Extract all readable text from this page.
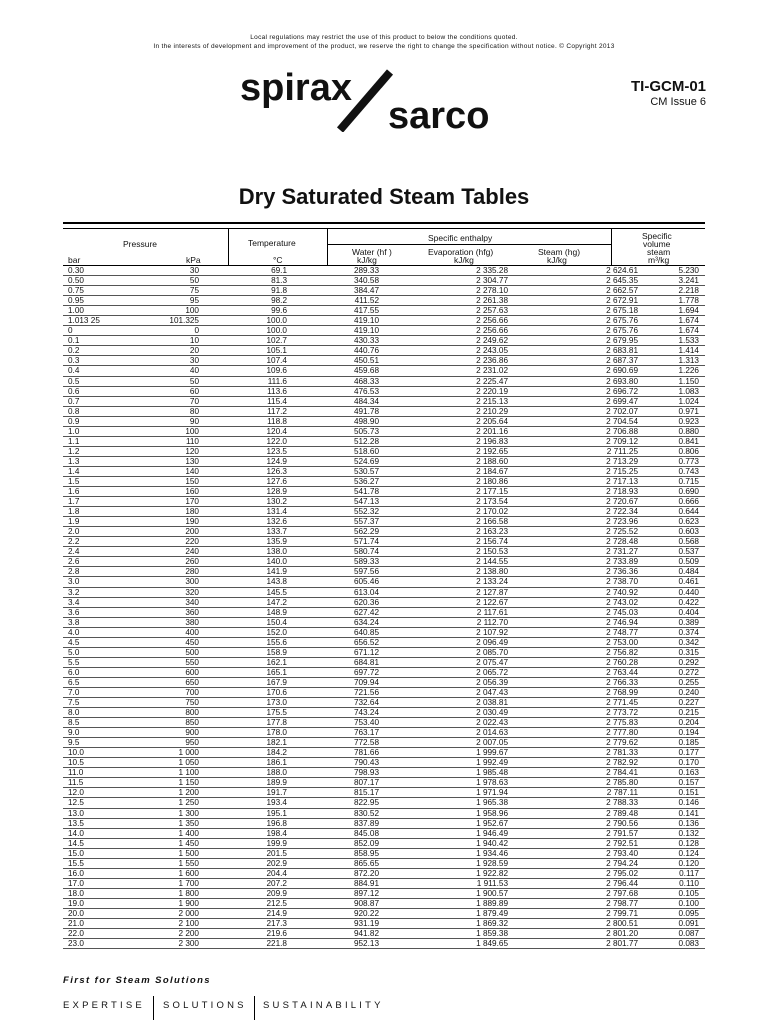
Local regulations may restrict the use of this product to below the conditions quoted.
In the interests of development and improvement of the product, we reserve the right to change the specification without notice. © Copyright 2013
spirax
sarco
TI-GCM-01
CM Issue 6
Dry Saturated Steam Tables
Pressure	Temperature	Specific enthalpy	Specific
volume
steam
Water (hf )	Evaporation (hfg)	Steam (hg)
bar	kPa	°C	kJ/kg	kJ/kg	kJ/kg	m³/kg
0.30	30	69.1	289.33	2 335.28	2 624.61	5.230
0.50	50	81.3	340.58	2 304.77	2 645.35	3.241
0.75	75	91.8	384.47	2 278.10	2 662.57	2.218
0.95	95	98.2	411.52	2 261.38	2 672.91	1.778
1.00	100	99.6	417.55	2 257.63	2 675.18	1.694
1.013 25	101.325	100.0	419.10	2 256.66	2 675.76	1.674
0	0	100.0	419.10	2 256.66	2 675.76	1.674
0.1	10	102.7	430.33	2 249.62	2 679.95	1.533
0.2	20	105.1	440.76	2 243.05	2 683.81	1.414
0.3	30	107.4	450.51	2 236.86	2 687.37	1.313
0.4	40	109.6	459.68	2 231.02	2 690.69	1.226
0.5	50	111.6	468.33	2 225.47	2 693.80	1.150
0.6	60	113.6	476.53	2 220.19	2 696.72	1.083
0.7	70	115.4	484.34	2 215.13	2 699.47	1.024
0.8	80	117.2	491.78	2 210.29	2 702.07	0.971
0.9	90	118.8	498.90	2 205.64	2 704.54	0.923
1.0	100	120.4	505.73	2 201.16	2 706.88	0.880
1.1	110	122.0	512.28	2 196.83	2 709.12	0.841
1.2	120	123.5	518.60	2 192.65	2 711.25	0.806
1.3	130	124.9	524.69	2 188.60	2 713.29	0.773
1.4	140	126.3	530.57	2 184.67	2 715.25	0.743
1.5	150	127.6	536.27	2 180.86	2 717.13	0.715
1.6	160	128.9	541.78	2 177.15	2 718.93	0.690
1.7	170	130.2	547.13	2 173.54	2 720.67	0.666
1.8	180	131.4	552.32	2 170.02	2 722.34	0.644
1.9	190	132.6	557.37	2 166.58	2 723.96	0.623
2.0	200	133.7	562.29	2 163.23	2 725.52	0.603
2.2	220	135.9	571.74	2 156.74	2 728.48	0.568
2.4	240	138.0	580.74	2 150.53	2 731.27	0.537
2.6	260	140.0	589.33	2 144.55	2 733.89	0.509
2.8	280	141.9	597.56	2 138.80	2 736.36	0.484
3.0	300	143.8	605.46	2 133.24	2 738.70	0.461
3.2	320	145.5	613.04	2 127.87	2 740.92	0.440
3.4	340	147.2	620.36	2 122.67	2 743.02	0.422
3.6	360	148.9	627.42	2 117.61	2 745.03	0.404
3.8	380	150.4	634.24	2 112.70	2 746.94	0.389
4.0	400	152.0	640.85	2 107.92	2 748.77	0.374
4.5	450	155.6	656.52	2 096.49	2 753.00	0.342
5.0	500	158.9	671.12	2 085.70	2 756.82	0.315
5.5	550	162.1	684.81	2 075.47	2 760.28	0.292
6.0	600	165.1	697.72	2 065.72	2 763.44	0.272
6.5	650	167.9	709.94	2 056.39	2 766.33	0.255
7.0	700	170.6	721.56	2 047.43	2 768.99	0.240
7.5	750	173.0	732.64	2 038.81	2 771.45	0.227
8.0	800	175.5	743.24	2 030.49	2 773.72	0.215
8.5	850	177.8	753.40	2 022.43	2 775.83	0.204
9.0	900	178.0	763.17	2 014.63	2 777.80	0.194
9.5	950	182.1	772.58	2 007.05	2 779.62	0.185
10.0	1 000	184.2	781.66	1 999.67	2 781.33	0.177
10.5	1 050	186.1	790.43	1 992.49	2 782.92	0.170
11.0	1 100	188.0	798.93	1 985.48	2 784.41	0.163
11.5	1 150	189.9	807.17	1 978.63	2 785.80	0.157
12.0	1 200	191.7	815.17	1 971.94	2 787.11	0.151
12.5	1 250	193.4	822.95	1 965.38	2 788.33	0.146
13.0	1 300	195.1	830.52	1 958.96	2 789.48	0.141
13.5	1 350	196.8	837.89	1 952.67	2 790.56	0.136
14.0	1 400	198.4	845.08	1 946.49	2 791.57	0.132
14.5	1 450	199.9	852.09	1 940.42	2 792.51	0.128
15.0	1 500	201.5	858.95	1 934.46	2 793.40	0.124
15.5	1 550	202.9	865.65	1 928.59	2 794.24	0.120
16.0	1 600	204.4	872.20	1 922.82	2 795.02	0.117
17.0	1 700	207.2	884.91	1 911.53	2 796.44	0.110
18.0	1 800	209.9	897.12	1 900.57	2 797.68	0.105
19.0	1 900	212.5	908.87	1 889.89	2 798.77	0.100
20.0	2 000	214.9	920.22	1 879.49	2 799.71	0.095
21.0	2 100	217.3	931.19	1 869.32	2 800.51	0.091
22.0	2 200	219.6	941.82	1 859.38	2 801.20	0.087
23.0	2 300	221.8	952.13	1 849.65	2 801.77	0.083
First for Steam Solutions
EXPERTISE SOLUTIONS SUSTAINABILITY
